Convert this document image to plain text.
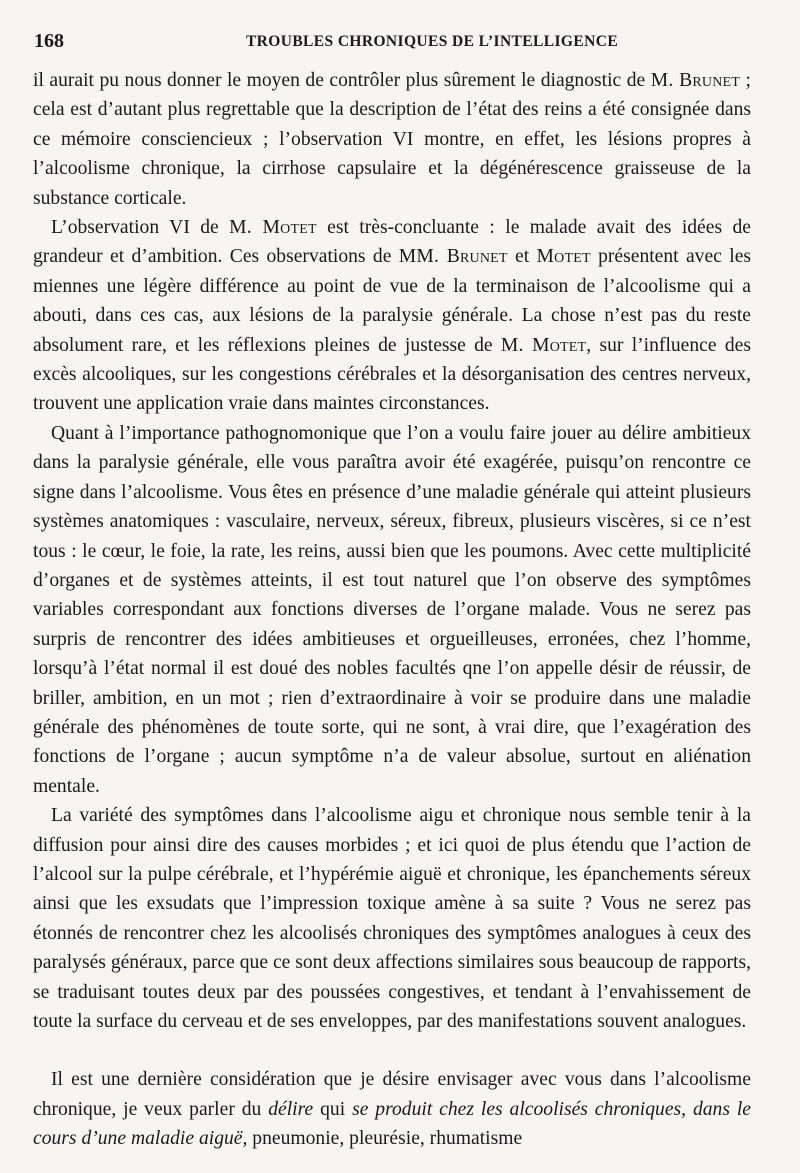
168	TROUBLES CHRONIQUES DE L’INTELLIGENCE

il aurait pu nous donner le moyen de contrôler plus sûrement le diagnostic de M. Brunet ; cela est d’autant plus regrettable que la description de l’état des reins a été consignée dans ce mémoire consciencieux ; l’observation VI montre, en effet, les lésions propres à l’alcoolisme chronique, la cirrhose capsulaire et la dégénérescence graisseuse de la substance corticale.

L’observation VI de M. Motet est très-concluante : le malade avait des idées de grandeur et d’ambition. Ces observations de MM. Brunet et Motet présentent avec les miennes une légère différence au point de vue de la terminaison de l’alcoolisme qui a abouti, dans ces cas, aux lésions de la paralysie générale. La chose n’est pas du reste absolument rare, et les réflexions pleines de justesse de M. Motet, sur l’influence des excès alcooliques, sur les congestions cérébrales et la désorganisation des centres nerveux, trouvent une application vraie dans maintes circonstances.

Quant à l’importance pathognomonique que l’on a voulu faire jouer au délire ambitieux dans la paralysie générale, elle vous paraîtra avoir été exagérée, puisqu’on rencontre ce signe dans l’alcoolisme. Vous êtes en présence d’une maladie générale qui atteint plusieurs systèmes anatomiques : vasculaire, nerveux, séreux, fibreux, plusieurs viscères, si ce n’est tous : le cœur, le foie, la rate, les reins, aussi bien que les poumons. Avec cette multiplicité d’organes et de systèmes atteints, il est tout naturel que l’on observe des symptômes variables correspondant aux fonctions diverses de l’organe malade. Vous ne serez pas surpris de rencontrer des idées ambitieuses et orgueilleuses, erronées, chez l’homme, lorsqu’à l’état normal il est doué des nobles facultés qne l’on appelle désir de réussir, de briller, ambition, en un mot ; rien d’extraordinaire à voir se produire dans une maladie générale des phénomènes de toute sorte, qui ne sont, à vrai dire, que l’exagération des fonctions de l’organe ; aucun symptôme n’a de valeur absolue, surtout en aliénation mentale.

La variété des symptômes dans l’alcoolisme aigu et chronique nous semble tenir à la diffusion pour ainsi dire des causes morbides ; et ici quoi de plus étendu que l’action de l’alcool sur la pulpe cérébrale, et l’hypérémie aiguë et chronique, les épanchements séreux ainsi que les exsudats que l’impression toxique amène à sa suite ? Vous ne serez pas étonnés de rencontrer chez les alcoolisés chroniques des symptômes analogues à ceux des paralysés généraux, parce que ce sont deux affections similaires sous beaucoup de rapports, se traduisant toutes deux par des poussées congestives, et tendant à l’envahissement de toute la surface du cerveau et de ses enveloppes, par des manifestations souvent analogues.

Il est une dernière considération que je désire envisager avec vous dans l’alcoolisme chronique, je veux parler du délire qui se produit chez les alcoolisés chroniques, dans le cours d’une maladie aiguë, pneumonie, pleurésie, rhumatisme
